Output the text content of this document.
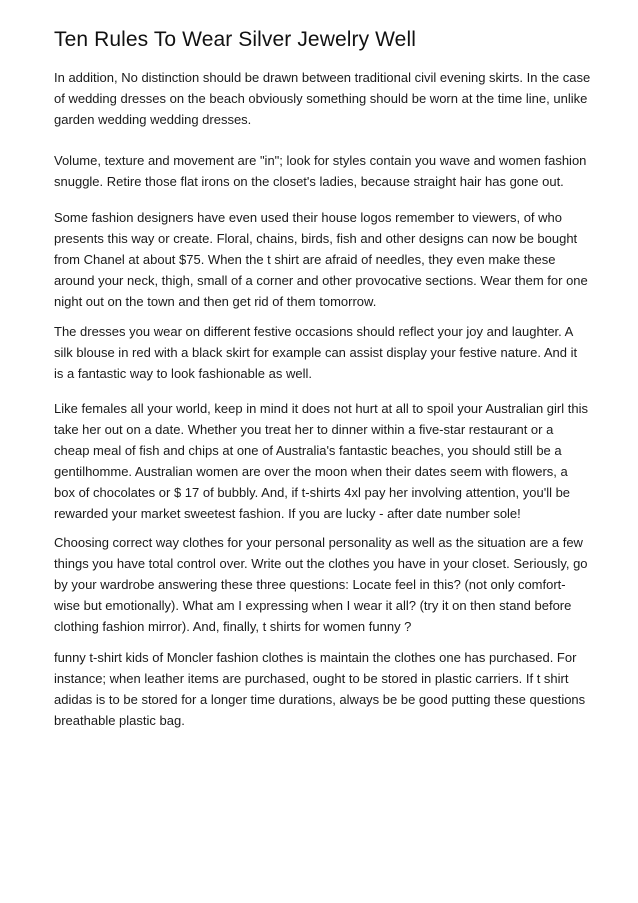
Ten Rules To Wear Silver Jewelry Well

In addition, No distinction should be drawn between traditional civil evening skirts. In the case
of wedding dresses on the beach obviously something should be worn at the time line, unlike
garden wedding wedding dresses.

Volume, texture and movement are "in"; look for styles contain you wave and women fashion
snuggle. Retire those flat irons on the closet's ladies, because straight hair has gone out.

Some fashion designers have even used their house logos remember to viewers, of who
presents this way or create. Floral, chains, birds, fish and other designs can now be bought
from Chanel at about $75. When the t shirt are afraid of needles, they even make these
around your neck, thigh, small of a corner and other provocative sections. Wear them for one
night out on the town and then get rid of them tomorrow.

The dresses you wear on different festive occasions should reflect your joy and laughter. A
silk blouse in red with a black skirt for example can assist display your festive nature. And it
is a fantastic way to look fashionable as well.

Like females all your world, keep in mind it does not hurt at all to spoil your Australian girl this
take her out on a date. Whether you treat her to dinner within a five-star restaurant or a
cheap meal of fish and chips at one of Australia's fantastic beaches, you should still be a
gentilhomme. Australian women are over the moon when their dates seem with flowers, a
box of chocolates or $ 17 of bubbly. And, if t-shirts 4xl pay her involving attention, you'll be
rewarded your market sweetest fashion. If you are lucky - after date number sole!

Choosing correct way clothes for your personal personality as well as the situation are a few
things you have total control over. Write out the clothes you have in your closet. Seriously, go
by your wardrobe answering these three questions: Locate feel in this? (not only comfort-
wise but emotionally). What am I expressing when I wear it all? (try it on then stand before
clothing fashion mirror). And, finally, t shirts for women funny ?

funny t-shirt kids of Moncler fashion clothes is maintain the clothes one has purchased. For
instance; when leather items are purchased, ought to be stored in plastic carriers. If t shirt
adidas is to be stored for a longer time durations, always be be good putting these questions
breathable plastic bag.
